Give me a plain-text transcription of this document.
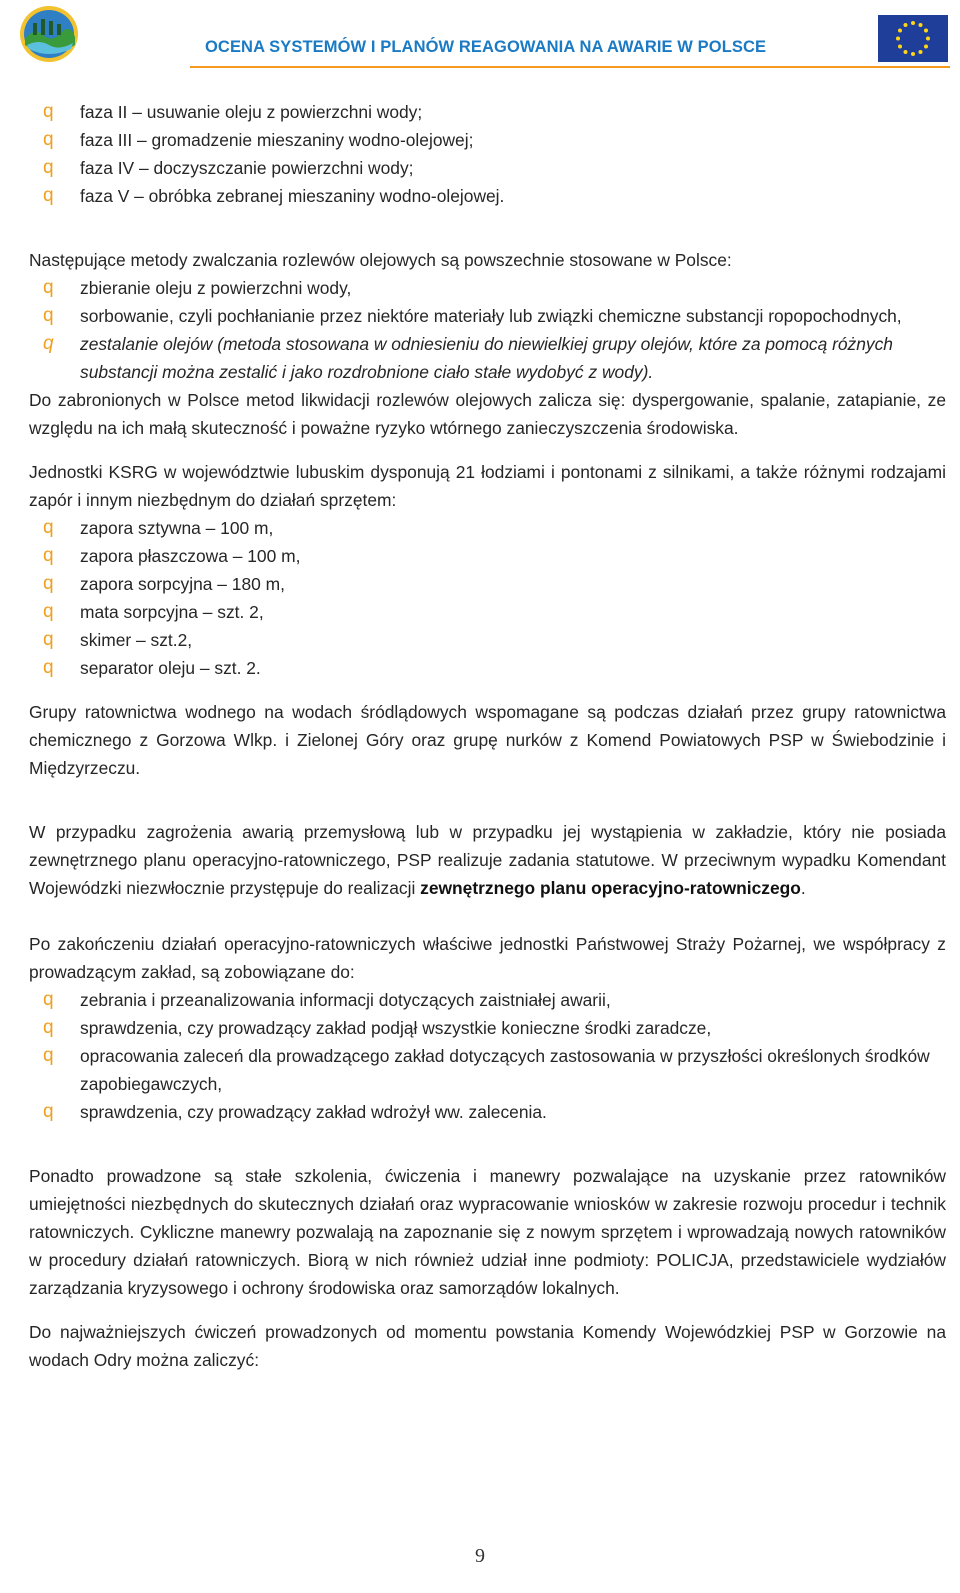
OCENA SYSTEMÓW I PLANÓW REAGOWANIA NA AWARIE W POLSCE
q faza II – usuwanie oleju z powierzchni wody;
q faza III – gromadzenie mieszaniny wodno-olejowej;
q faza IV – doczyszczanie powierzchni wody;
q faza V – obróbka zebranej mieszaniny wodno-olejowej.

Następujące metody zwalczania rozlewów olejowych są powszechnie stosowane w Polsce:

q zbieranie oleju z powierzchni wody,
q sorbowanie, czyli pochłanianie przez niektóre materiały lub związki chemiczne substancji ropopochodnych,
q zestalanie olejów (metoda stosowana w odniesieniu do niewielkiej grupy olejów, które za pomocą różnych substancji można zestalić i jako rozdrobnione ciało stałe wydobyć z wody).

Do zabronionych w Polsce metod likwidacji rozlewów olejowych zalicza się: dyspergowanie, spalanie, zatapianie, ze względu na ich małą skuteczność i poważne ryzyko wtórnego zanieczyszczenia środowiska.

Jednostki KSRG w województwie lubuskim dysponują 21 łodziami i pontonami z silnikami, a także różnymi rodzajami zapór i innym niezbędnym do działań sprzętem:

q zapora sztywna – 100 m,
q zapora płaszczowa – 100 m,
q zapora sorpcyjna – 180 m,
q mata sorpcyjna – szt. 2,
q skimer – szt.2,
q separator oleju – szt. 2.

Grupy ratownictwa wodnego na wodach śródlądowych wspomagane są podczas działań przez grupy ratownictwa chemicznego z Gorzowa Wlkp. i Zielonej Góry oraz grupę nurków z Komend Powiatowych PSP w Świebodzinie i Międzyrzeczu.

W przypadku zagrożenia awarią przemysłową lub w przypadku jej wystąpienia w zakładzie, który nie posiada zewnętrznego planu operacyjno-ratowniczego, PSP realizuje zadania statutowe. W przeciwnym wypadku Komendant Wojewódzki niezwłocznie przystępuje do realizacji zewnętrznego planu operacyjno-ratowniczego.

Po zakończeniu działań operacyjno-ratowniczych właściwe jednostki Państwowej Straży Pożarnej, we współpracy z prowadzącym zakład, są zobowiązane do:

q zebrania i przeanalizowania informacji dotyczących zaistniałej awarii,
q sprawdzenia, czy prowadzący zakład podjął wszystkie konieczne środki zaradcze,
q opracowania zaleceń dla prowadzącego zakład dotyczących zastosowania w przyszłości określonych środków zapobiegawczych,
q sprawdzenia, czy prowadzący zakład wdrożył ww. zalecenia.

Ponadto prowadzone są stałe szkolenia, ćwiczenia i manewry pozwalające na uzyskanie przez ratowników umiejętności niezbędnych do skutecznych działań oraz wypracowanie wniosków w zakresie rozwoju procedur i technik ratowniczych. Cykliczne manewry pozwalają na zapoznanie się z nowym sprzętem i wprowadzają nowych ratowników w procedury działań ratowniczych. Biorą w nich również udział inne podmioty: POLICJA, przedstawiciele wydziałów zarządzania kryzysowego i ochrony środowiska oraz samorządów lokalnych.

Do najważniejszych ćwiczeń prowadzonych od momentu powstania Komendy Wojewódzkiej PSP w Gorzowie na wodach Odry można zaliczyć:

9
